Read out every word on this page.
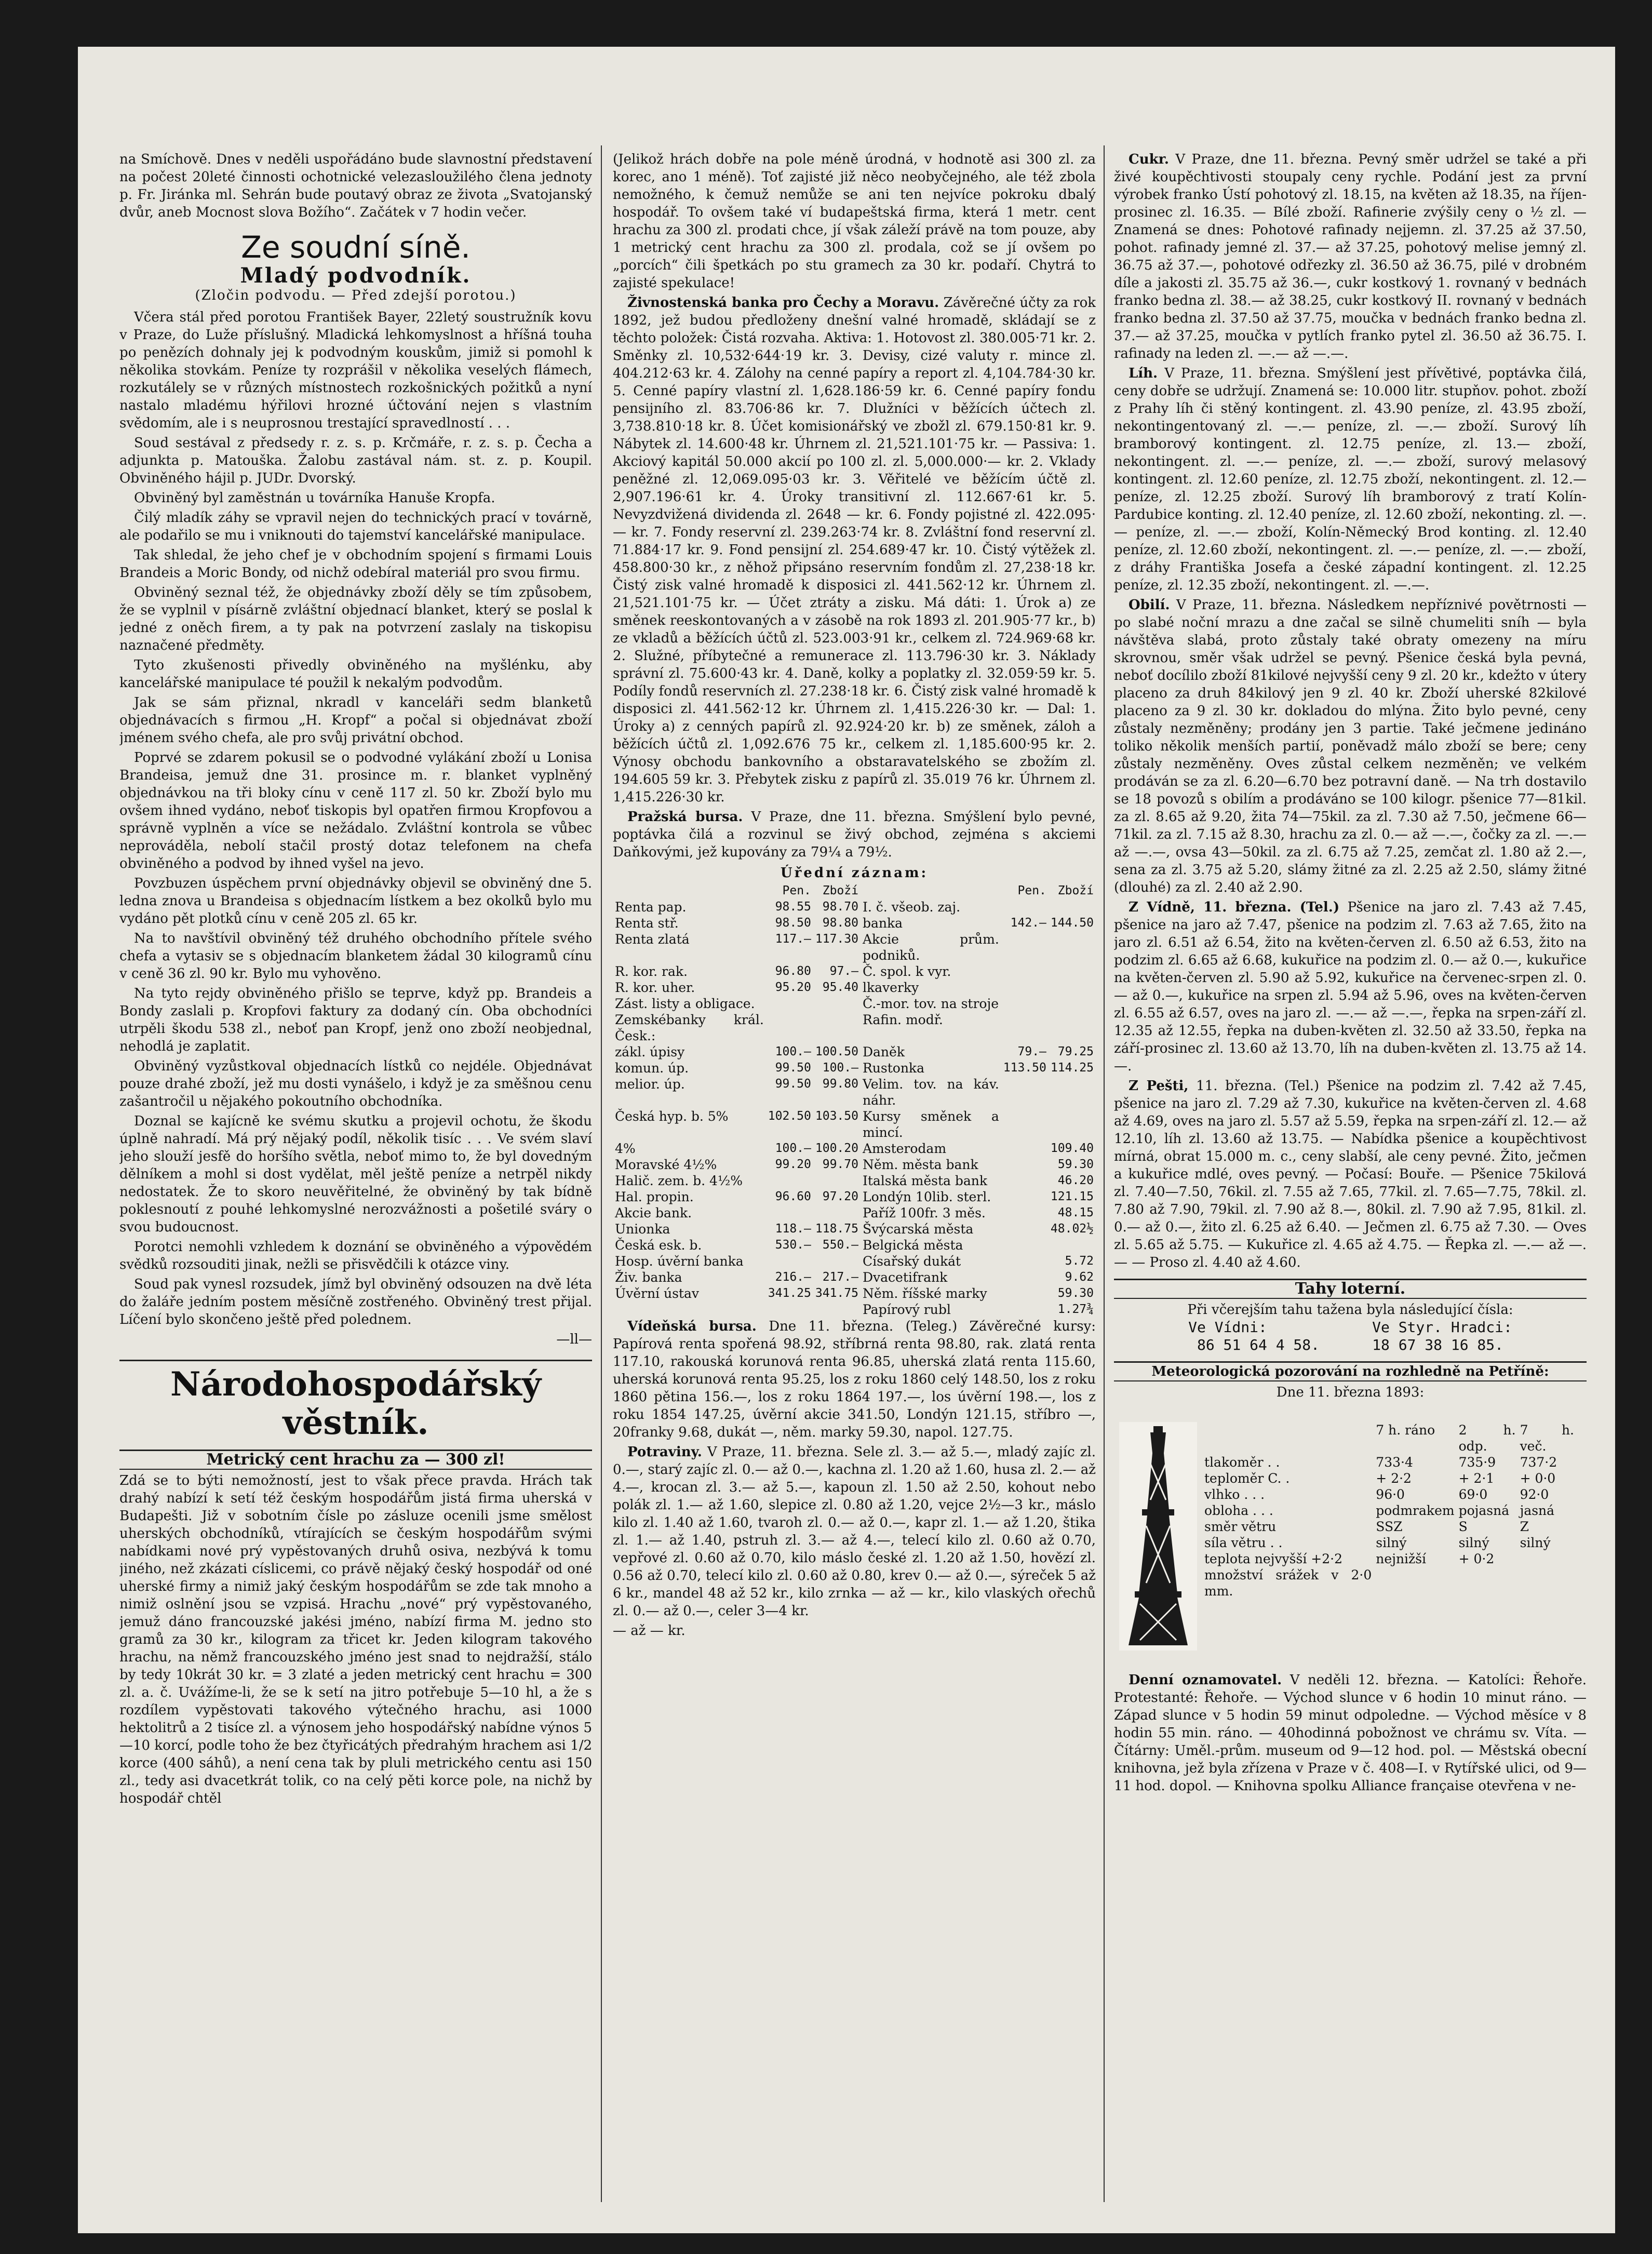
na Smíchově. Dnes v neděli uspořádáno bude slavnostní představení na počest 20leté činnosti ochotnické velezasloužilého člena jednoty p. Fr. Jiránka ml. Sehrán bude poutavý obraz ze života „Svatojanský dvůr, aneb Mocnost slova Božího“. Začátek v 7 hodin večer.

Ze soudní síně.
Mladý podvodník.
(Zločin podvodu. — Před zdejší porotou.)

Včera stál před porotou František Bayer, 22letý soustružník kovu v Praze, do Luže příslušný. Mladická lehkomyslnost a hříšná touha po penězích dohnaly jej k podvodným kouskům, jimiž si pomohl k několika stovkám. Peníze ty rozprášil v několika veselých flámech, rozkutálely se v různých místnostech rozkošnických požitků a nyní nastalo mladému hýřilovi hrozné účtování nejen s vlastním svědomím, ale i s neuprosnou trestající spravedlností . . .

Soud sestával z předsedy r. z. s. p. Krčmáře, r. z. s. p. Čecha a adjunkta p. Matouška. Žalobu zastával nám. st. z. p. Koupil. Obviněného hájil p. JUDr. Dvorský.

Obviněný byl zaměstnán u továrníka Hanuše Kropfa.

Čilý mladík záhy se vpravil nejen do technických prací v továrně, ale podařilo se mu i vniknouti do tajemství kancelářské manipulace.

Tak shledal, že jeho chef je v obchodním spojení s firmami Louis Brandeis a Moric Bondy, od nichž odebíral materiál pro svou firmu.

Obviněný seznal též, že objednávky zboží děly se tím způsobem, že se vyplnil v písárně zvláštní objednací blanket, který se poslal k jedné z oněch firem, a ty pak na potvrzení zaslaly na tiskopisu naznačené předměty.

Tyto zkušenosti přivedly obviněného na myšlénku, aby kancelářské manipulace té použil k nekalým podvodům.

Jak se sám přiznal, nkradl v kanceláři sedm blanketů objednávacích s firmou „H. Kropf“ a počal si objednávat zboží jménem svého chefa, ale pro svůj privátní obchod.

Poprvé se zdarem pokusil se o podvodné vylákání zboží u Lonisa Brandeisa, jemuž dne 31. prosince m. r. blanket vyplněný objednávkou na tři bloky cínu v ceně 117 zl. 50 kr. Zboží bylo mu ovšem ihned vydáno, neboť tiskopis byl opatřen firmou Kropfovou a správně vyplněn a více se nežádalo. Zvláštní kontrola se vůbec neprováděla, nebolí stačil prostý dotaz telefonem na chefa obviněného a podvod by ihned vyšel na jevo.

Povzbuzen úspěchem první objednávky objevil se obviněný dne 5. ledna znova u Brandeisa s objednacím lístkem a bez okolků bylo mu vydáno pět plotků cínu v ceně 205 zl. 65 kr.

Na to navštívil obviněný též druhého obchodního přítele svého chefa a vytasiv se s objednacím blanketem žádal 30 kilogramů cínu v ceně 36 zl. 90 kr. Bylo mu vyhověno.

Na tyto rejdy obviněného přišlo se teprve, když pp. Brandeis a Bondy zaslali p. Kropfovi faktury za dodaný cín. Oba obchodníci utrpěli škodu 538 zl., neboť pan Kropf, jenž ono zboží neobjednal, nehodlá je zaplatit.

Obviněný vyzůstkoval objednacích lístků co nejdéle. Objednávat pouze drahé zboží, jež mu dosti vynášelo, i když je za směšnou cenu zašantročil u nějakého pokoutního obchodníka.

Doznal se kajícně ke svému skutku a projevil ochotu, že škodu úplně nahradí. Má prý nějaký podíl, několik tisíc . . . Ve svém slaví jeho slouží jesfě do horšího světla, neboť mimo to, že byl dovedným dělníkem a mohl si dost vydělat, měl ještě peníze a netrpěl nikdy nedostatek. Že to skoro neuvěřitelné, že obviněný by tak bídně poklesnoutí z pouhé lehkomyslné nerozvážnosti a pošetilé sváry o svou budoucnost.

Porotci nemohli vzhledem k doznání se obviněného a výpovědém svědků rozsouditi jinak, nežli se přisvědčili k otázce viny.

Soud pak vynesl rozsudek, jímž byl obviněný odsouzen na dvě léta do žaláře jedním postem měsíčně zostřeného. Obviněný trest přijal. Líčení bylo skončeno ještě před polednem.

—ll—
Národohospodářský věstník.
Metrický cent hrachu za — 300 zl!

Zdá se to býti nemožností, jest to však přece pravda. Hrách tak drahý nabízí k setí též českým hospodářům jistá firma uherská v Budapešti. Již v sobotním čísle po zásluze ocenili jsme smělost uherských obchodníků, vtírajících se českým hospodářům svými nabídkami nové prý vypěstovaných druhů osiva, nezbývá k tomu jiného, než zkázati císlicemi, co právě nějaký český hospodář od oné uherské firmy a nimiž jaký českým hospodářům se zde tak mnoho a nimiž oslnění jsou se vzpisá. Hrachu „nové“ prý vypěstovaného, jemuž dáno francouzské jakési jméno, nabízí firma M. jedno sto gramů za 30 kr., kilogram za třicet kr. Jeden kilogram takového hrachu, na němž francouzského jméno jest snad to nejdražší, stálo by tedy 10krát 30 kr. = 3 zlaté a jeden metrický cent hrachu = 300 zl. a. č. Uvážíme-li, že se k setí na jitro potřebuje 5—10 hl, a že s rozdílem vypěstovati takového výtečného hrachu, asi 1000 hektolitrů a 2 tisíce zl. a výnosem jeho hospodářský nabídne výnos 5—10 korcí, podle toho že bez čtyřicátých předrahým hrachem asi 1/2 korce (400 sáhů), a není cena tak by pluli metrického centu asi 150 zl., tedy asi dvacetkrát tolik, co na celý pěti korce pole, na nichž by hospodář chtěl

(Jelikož hrách dobře na pole méně úrodná, v hodnotě asi 300 zl. za korec, ano 1 méně). Toť zajisté již něco neobyčejného, ale též zbola nemožného, k čemuž nemůže se ani ten nejvíce pokroku dbalý hospodář. To ovšem také ví budapeštská firma, která 1 metr. cent hrachu za 300 zl. prodati chce, jí však záleží právě na tom pouze, aby 1 metrický cent hrachu za 300 zl. prodala, což se jí ovšem po „porcích“ čili špetkách po stu gramech za 30 kr. podaří. Chytrá to zajisté spekulace!

Živnostenská banka pro Čechy a Moravu. Závěrečné účty za rok 1892, jež budou předloženy dnešní valné hromadě, skládají se z těchto položek: Čistá rozvaha. Aktiva: 1. Hotovost zl. 380.005·71 kr. 2. Směnky zl. 10,532·644·19 kr. 3. Devisy, cizé valuty r. mince zl. 404.212·63 kr. 4. Zálohy na cenné papíry a report zl. 4,104.784·30 kr. 5. Cenné papíry vlastní zl. 1,628.186·59 kr. 6. Cenné papíry fondu pensijního zl. 83.706·86 kr. 7. Dlužníci v běžících účtech zl. 3,738.810·18 kr. 8. Účet komisionářský ve zbožl zl. 679.150·81 kr. 9. Nábytek zl. 14.600·48 kr. Úhrnem zl. 21,521.101·75 kr. — Passiva: 1. Akciový kapitál 50.000 akcií po 100 zl. zl. 5,000.000·— kr. 2. Vklady peněžné zl. 12,069.095·03 kr. 3. Věřitelé ve běžícím účtě zl. 2,907.196·61 kr. 4. Úroky transitivní zl. 112.667·61 kr. 5. Nevyzdvižená dividenda zl. 2648 — kr. 6. Fondy pojistné zl. 422.095·— kr. 7. Fondy reservní zl. 239.263·74 kr. 8. Zvláštní fond reservní zl. 71.884·17 kr. 9. Fond pensijní zl. 254.689·47 kr. 10. Čistý výtěžek zl. 458.800·30 kr., z něhož připsáno reservním fondům zl. 27,238·18 kr. Čistý zisk valné hromadě k disposici zl. 441.562·12 kr. Úhrnem zl. 21,521.101·75 kr. — Účet ztráty a zisku. Má dáti: 1. Úrok a) ze směnek reeskontovaných a v zásobě na rok 1893 zl. 201.905·77 kr., b) ze vkladů a běžících účtů zl. 523.003·91 kr., celkem zl. 724.969·68 kr. 2. Služné, příbytečné a remunerace zl. 113.796·30 kr. 3. Náklady správní zl. 75.600·43 kr. 4. Daně, kolky a poplatky zl. 32.059·59 kr. 5. Podíly fondů reservních zl. 27.238·18 kr. 6. Čistý zisk valné hromadě k disposici zl. 441.562·12 kr. Úhrnem zl. 1,415.226·30 kr. — Dal: 1. Úroky a) z cenných papírů zl. 92.924·20 kr. b) ze směnek, záloh a běžících účtů zl. 1,092.676 75 kr., celkem zl. 1,185.600·95 kr. 2. Výnosy obchodu bankovního a obstaravatelského se zbožím zl. 194.605 59 kr. 3. Přebytek zisku z papírů zl. 35.019 76 kr. Úhrnem zl. 1,415.226·30 kr.

Pražská bursa. V Praze, dne 11. března. Smýšlení bylo pevné, poptávka čilá a rozvinul se živý obchod, zejména s akciemi Daňkovými, jež kupovány za 79¼ a 79½.

Úřední záznam:
	Pen.	Zboží		Pen.	Zboží
Renta pap.	98.55	98.70	I. č. všeob. zaj.		
Renta stř.	98.50	98.80	banka	142.—	144.50
Renta zlatá	117.—	117.30	Akcie prům. podniků.		
R. kor. rak.	96.80	97.—	Č. spol. k vyr.		
R. kor. uher.	95.20	95.40	lkaverky		
Zást. listy a obligace.			Č.-mor. tov. na stroje		
Zemskébanky král. Česk.:			Rafin. modř.		
zákl. úpisy	100.—	100.50	Daněk	79.—	79.25
komun. úp.	99.50	100.—	Rustonka	113.50	114.25
melior. úp.	99.50	99.80	Velim. tov. na káv. náhr.		
Česká hyp. b. 5%	102.50	103.50	Kursy směnek a mincí.		
4%	100.—	100.20	Amsterodam		109.40
Moravské 4½%	99.20	99.70	Něm. města bank		59.30
Halič. zem. b. 4½%			Italská města bank		46.20
Hal. propin.	96.60	97.20	Londýn 10lib. sterl.		121.15
Akcie bank.			Paříž 100fr. 3 měs.		48.15
Unionka	118.—	118.75	Švýcarská města		48.02½
Česká esk. b.	530.—	550.—	Belgická města		
Hosp. úvěrní banka			Císařský dukát		5.72
Živ. banka	216.—	217.—	Dvacetifrank		9.62
Úvěrní ústav	341.25	341.75	Něm. říšské marky		59.30
			Papírový rubl		1.27¾

Vídeňská bursa. Dne 11. března. (Teleg.) Závěrečné kursy: Papírová renta spořená 98.92, stříbrná renta 98.80, rak. zlatá renta 117.10, rakouská korunová renta 96.85, uherská zlatá renta 115.60, uherská korunová renta 95.25, los z roku 1860 celý 148.50, los z roku 1860 pětina 156.—, los z roku 1864 197.—, los úvěrní 198.—, los z roku 1854 147.25, úvěrní akcie 341.50, Londýn 121.15, stříbro —, 20franky 9.68, dukát —, něm. marky 59.30, napol. 127.75.

Potraviny. V Praze, 11. března. Sele zl. 3.— až 5.—, mladý zajíc zl. 0.—, starý zajíc zl. 0.— až 0.—, kachna zl. 1.20 až 1.60, husa zl. 2.— až 4.—, krocan zl. 3.— až 5.—, kapoun zl. 1.50 až 2.50, kohout nebo polák zl. 1.— až 1.60, slepice zl. 0.80 až 1.20, vejce 2½—3 kr., máslo kilo zl. 1.40 až 1.60, tvaroh zl. 0.— až 0.—, kapr zl. 1.— až 1.20, štika zl. 1.— až 1.40, pstruh zl. 3.— až 4.—, telecí kilo zl. 0.60 až 0.70, vepřové zl. 0.60 až 0.70, kilo máslo české zl. 1.20 až 1.50, hovězí zl. 0.56 až 0.70, telecí kilo zl. 0.60 až 0.80, krev 0.— až 0.—, sýreček 5 až 6 kr., mandel 48 až 52 kr., kilo zrnka — až — kr., kilo vlaských ořechů zl. 0.— až 0.—, celer 3—4 kr.

— až — kr.

Cukr. V Praze, dne 11. března. Pevný směr udržel se také a při živé koupěchtivosti stoupaly ceny rychle. Podání jest za první výrobek franko Ústí pohotový zl. 18.15, na květen až 18.35, na říjen-prosinec zl. 16.35. — Bílé zboží. Rafinerie zvýšily ceny o ½ zl. — Znamená se dnes: Pohotové rafinady nejjemn. zl. 37.25 až 37.50, pohot. rafinady jemné zl. 37.— až 37.25, pohotový melise jemný zl. 36.75 až 37.—, pohotové odřezky zl. 36.50 až 36.75, pilé v drobném díle a jakosti zl. 35.75 až 36.—, cukr kostkový 1. rovnaný v bednách franko bedna zl. 38.— až 38.25, cukr kostkový II. rovnaný v bednách franko bedna zl. 37.50 až 37.75, moučka v bednách franko bedna zl. 37.— až 37.25, moučka v pytlích franko pytel zl. 36.50 až 36.75. I. rafinady na leden zl. —.— až —.—.

Líh. V Praze, 11. března. Smýšlení jest přívětivé, poptávka čilá, ceny dobře se udržují. Znamená se: 10.000 litr. stupňov. pohot. zboží z Prahy líh či stěný kontingent. zl. 43.90 peníze, zl. 43.95 zboží, nekontingentovaný zl. —.— peníze, zl. —.— zboží. Surový líh bramborový kontingent. zl. 12.75 peníze, zl. 13.— zboží, nekontingent. zl. —.— peníze, zl. —.— zboží, surový melasový kontingent. zl. 12.60 peníze, zl. 12.75 zboží, nekontingent. zl. 12.— peníze, zl. 12.25 zboží. Surový líh bramborový z tratí Kolín-Pardubice konting. zl. 12.40 peníze, zl. 12.60 zboží, nekonting. zl. —.— peníze, zl. —.— zboží, Kolín-Německý Brod konting. zl. 12.40 peníze, zl. 12.60 zboží, nekontingent. zl. —.— peníze, zl. —.— zboží, z dráhy Františka Josefa a české západní kontingent. zl. 12.25 peníze, zl. 12.35 zboží, nekontingent. zl. —.—.

Obilí. V Praze, 11. března. Následkem nepříznivé povětrnosti — po slabé noční mrazu a dne začal se silně chumeliti sníh — byla návštěva slabá, proto zůstaly také obraty omezeny na míru skrovnou, směr však udržel se pevný. Pšenice česká byla pevná, neboť docílilo zboží 81kilové nejvyšší ceny 9 zl. 20 kr., kdežto v útery placeno za druh 84kilový jen 9 zl. 40 kr. Zboží uherské 82kilové placeno za 9 zl. 30 kr. dokladou do mlýna. Žito bylo pevné, ceny zůstaly nezměněny; prodány jen 3 partie. Také ječmene jedináno toliko několik menších partií, poněvadž málo zboží se bere; ceny zůstaly nezměněny. Oves zůstal celkem nezměněn; ve velkém prodáván se za zl. 6.20—6.70 bez potravní daně. — Na trh dostavilo se 18 povozů s obilím a prodáváno se 100 kilogr. pšenice 77—81kil. za zl. 8.65 až 9.20, žita 74—75kil. za zl. 7.30 až 7.50, ječmene 66—71kil. za zl. 7.15 až 8.30, hrachu za zl. 0.— až —.—, čočky za zl. —.— až —.—, ovsa 43—50kil. za zl. 6.75 až 7.25, zemčat zl. 1.80 až 2.—, sena za zl. 3.75 až 5.20, slámy žitné za zl. 2.25 až 2.50, slámy žitné (dlouhé) za zl. 2.40 až 2.90.

Z Vídně, 11. března. (Tel.) Pšenice na jaro zl. 7.43 až 7.45, pšenice na jaro až 7.47, pšenice na podzim zl. 7.63 až 7.65, žito na jaro zl. 6.51 až 6.54, žito na květen-červen zl. 6.50 až 6.53, žito na podzim zl. 6.65 až 6.68, kukuřice na podzim zl. 0.— až 0.—, kukuřice na květen-červen zl. 5.90 až 5.92, kukuřice na červenec-srpen zl. 0.— až 0.—, kukuřice na srpen zl. 5.94 až 5.96, oves na květen-červen zl. 6.55 až 6.57, oves na jaro zl. —.— až —.—, řepka na srpen-září zl. 12.35 až 12.55, řepka na duben-květen zl. 32.50 až 33.50, řepka na září-prosinec zl. 13.60 až 13.70, líh na duben-květen zl. 13.75 až 14.—.

Z Pešti, 11. března. (Tel.) Pšenice na podzim zl. 7.42 až 7.45, pšenice na jaro zl. 7.29 až 7.30, kukuřice na květen-červen zl. 4.68 až 4.69, oves na jaro zl. 5.57 až 5.59, řepka na srpen-září zl. 12.— až 12.10, líh zl. 13.60 až 13.75. — Nabídka pšenice a koupěchtivost mírná, obrat 15.000 m. c., ceny slabší, ale ceny pevné. Žito, ječmen a kukuřice mdlé, oves pevný. — Počasí: Bouře. — Pšenice 75kilová zl. 7.40—7.50, 76kil. zl. 7.55 až 7.65, 77kil. zl. 7.65—7.75, 78kil. zl. 7.80 až 7.90, 79kil. zl. 7.90 až 8.—, 80kil. zl. 7.90 až 7.95, 81kil. zl. 0.— až 0.—, žito zl. 6.25 až 6.40. — Ječmen zl. 6.75 až 7.30. — Oves zl. 5.65 až 5.75. — Kukuřice zl. 4.65 až 4.75. — Řepka zl. —.— až —.— — Proso zl. 4.40 až 4.60.

Tahy loterní.
Při včerejším tahu tažena byla následující čísla:
Ve Vídni:            Ve Styr. Hradci:
86 51 64 4 58.      18 67 38 16 85.
Meteorologická pozorování na rozhledně na Petříně:
Dne 11. března 1893:
	7 h. ráno	2 h. odp.	7 h. več.
tlakoměr . .	733·4	735·9	737·2
teploměr C. .	+ 2·2	+ 2·1	+ 0·0
vlhko . . .	96·0	69·0	92·0
obloha . . .	podmrakem	pojasná	jasná
směr větru	SSZ	S	Z
síla větru . .	silný	silný	silný
teplota nejvyšší +2·2	nejnižší	+ 0·2	
množství srážek v 2·0 mm.			

Denní oznamovatel. V neděli 12. března. — Katolíci: Řehoře. Protestanté: Řehoře. — Východ slunce v 6 hodin 10 minut ráno. — Západ slunce v 5 hodin 59 minut odpoledne. — Východ měsíce v 8 hodin 55 min. ráno. — 40hodinná pobožnost ve chrámu sv. Víta. — Čítárny: Uměl.-prům. museum od 9—12 hod. pol. — Městská obecní knihovna, jež byla zřízena v Praze v č. 408—I. v Rytířské ulici, od 9—11 hod. dopol. — Knihovna spolku Alliance française otevřena v ne-
